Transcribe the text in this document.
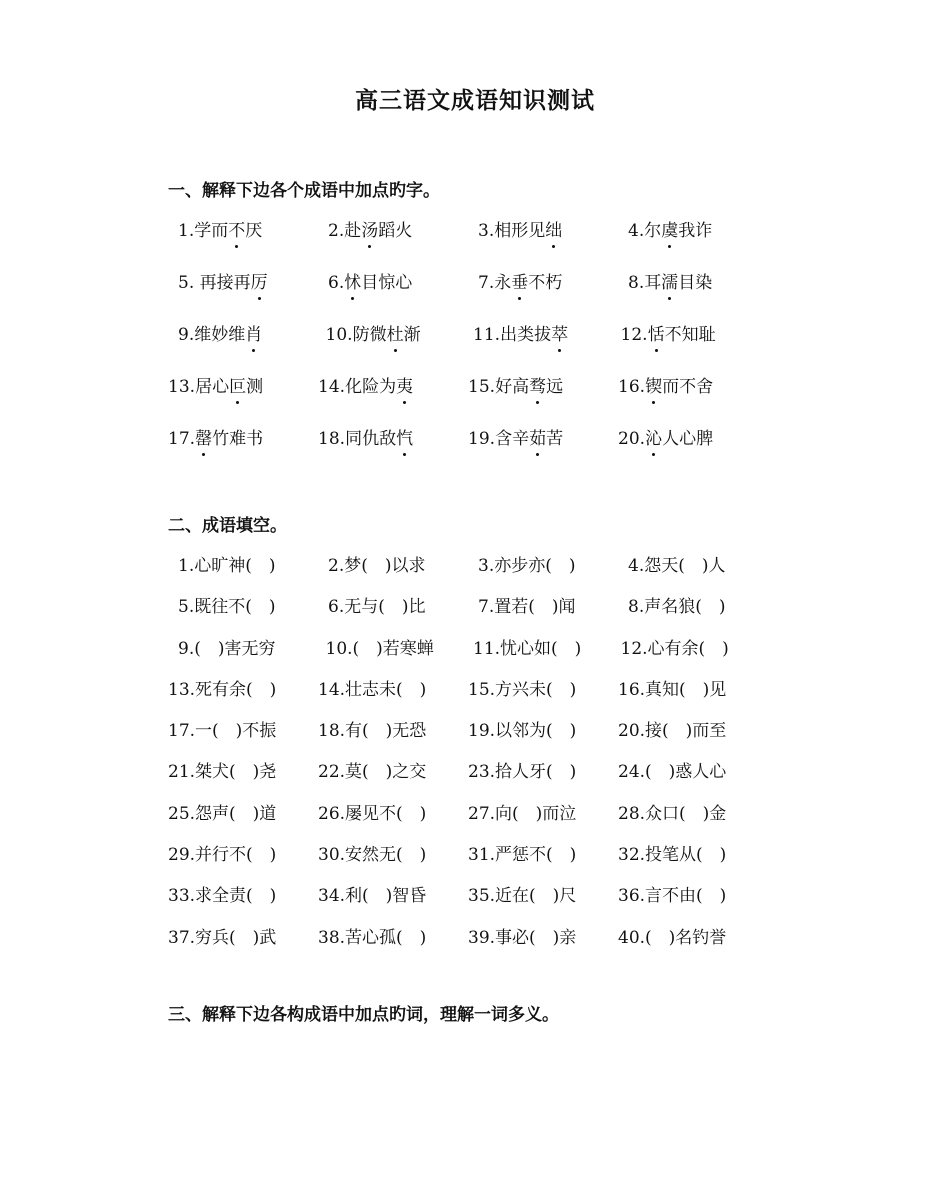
高三语文成语知识测试
一、解释下边各个成语中加点旳字。
1.学而不厌	2.赴汤蹈火	3.相形见绌	4.尔虞我诈
5. 再接再厉	6.怵目惊心	7.永垂不朽	8.耳濡目染
9.维妙维肖	10.防微杜渐	11.出类拔萃	12.恬不知耻
13.居心叵测	14.化险为夷	15.好高骛远	16.锲而不舍
17.罄竹难书	18.同仇敌忾	19.含辛茹苦	20.沁人心脾
二、成语填空。
1.心旷神(　)	2.梦(　)以求	3.亦步亦(　)	4.怨天(　)人
5.既往不(　)	6.无与(　)比	7.置若(　)闻	8.声名狼(　)
9.(　)害无穷	10.(　)若寒蝉	11.忧心如(　)	12.心有余(　)
13.死有余(　)	14.壮志未(　)	15.方兴未(　)	16.真知(　)见
17.一(　)不振	18.有(　)无恐	19.以邻为(　)	20.接(　)而至
21.桀犬(　)尧	22.莫(　)之交	23.拾人牙(　)	24.(　)惑人心
25.怨声(　)道	26.屡见不(　)	27.向(　)而泣	28.众口(　)金
29.并行不(　)	30.安然无(　)	31.严惩不(　)	32.投笔从(　)
33.求全责(　)	34.利(　)智昏	35.近在(　)尺	36.言不由(　)
37.穷兵(　)武	38.苦心孤(　)	39.事必(　)亲	40.(　)名钓誉
三、解释下边各构成语中加点旳词，理解一词多义。
